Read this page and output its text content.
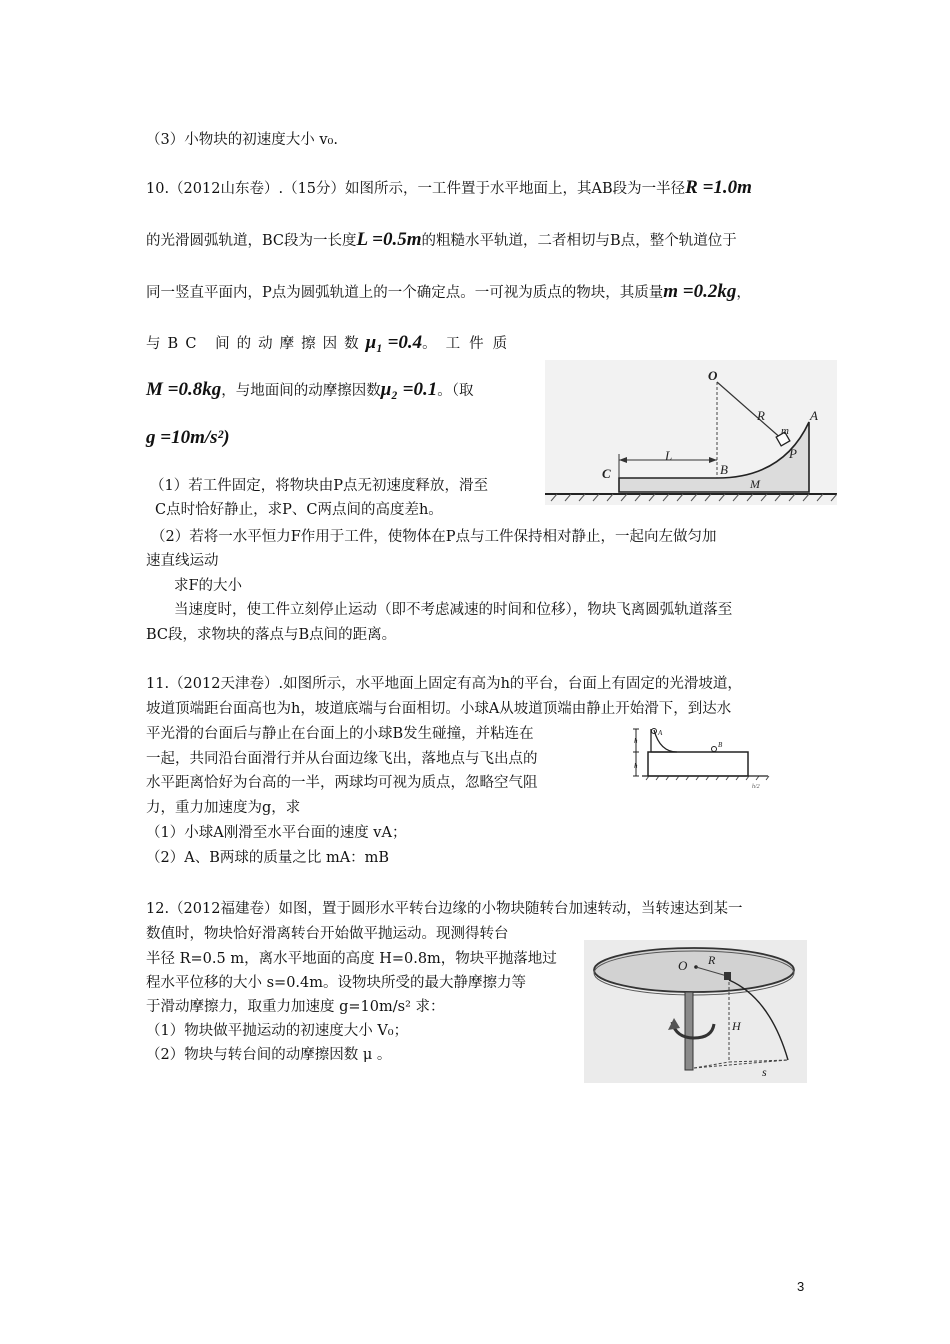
（3）小物块的初速度大小 v₀.
10.（2012山东卷）.（15分）如图所示，一工件置于水平地面上，其AB段为一半径R =1.0m
的光滑圆弧轨道，BC段为一长度L =0.5m的粗糙水平轨道，二者相切与B点，整个轨道位于
同一竖直平面内，P点为圆弧轨道上的一个确定点。一可视为质点的物块，其质量m =0.2kg，
与BC 间的动摩擦因数μ₁ =0.4。工件质
M =0.8kg，与地面间的动摩擦因数μ₂ =0.1。（取
g =10m/s²)
（1）若工件固定，将物块由P点无初速度释放，滑至
C点时恰好静止，求P、C两点间的高度差h。
（2）若将一水平恒力F作用于工件，使物体在P点与工件保持相对静止，一起向左做匀加
速直线运动
求F的大小
当速度时，使工件立刻停止运动（即不考虑减速的时间和位移），物块飞离圆弧轨道落至
BC段，求物块的落点与B点间的距离。
L
O
R
m
A
P
B
C
M
11.（2012天津卷）.如图所示，水平地面上固定有高为h的平台，台面上有固定的光滑坡道，
坡道顶端距台面高也为h，坡道底端与台面相切。小球A从坡道顶端由静止开始滑下，到达水
平光滑的台面后与静止在台面上的小球B发生碰撞，并粘连在
一起，共同沿台面滑行并从台面边缘飞出，落地点与飞出点的
水平距离恰好为台高的一半，两球均可视为质点，忽略空气阻
力，重力加速度为g，求
（1）小球A刚滑至水平台面的速度 vA；
（2）A、B两球的质量之比 mA：mB
h
h
A
B
h/2
12.（2012福建卷）如图，置于圆形水平转台边缘的小物块随转台加速转动，当转速达到某一
数值时，物块恰好滑离转台开始做平抛运动。现测得转台
半径 R=0.5 m，离水平地面的高度 H=0.8m，物块平抛落地过
程水平位移的大小 s=0.4m。设物块所受的最大静摩擦力等
于滑动摩擦力，取重力加速度 g=10m/s² 求：
（1）物块做平抛运动的初速度大小 V₀；
（2）物块与转台间的动摩擦因数 μ 。
O R
H
s
3
